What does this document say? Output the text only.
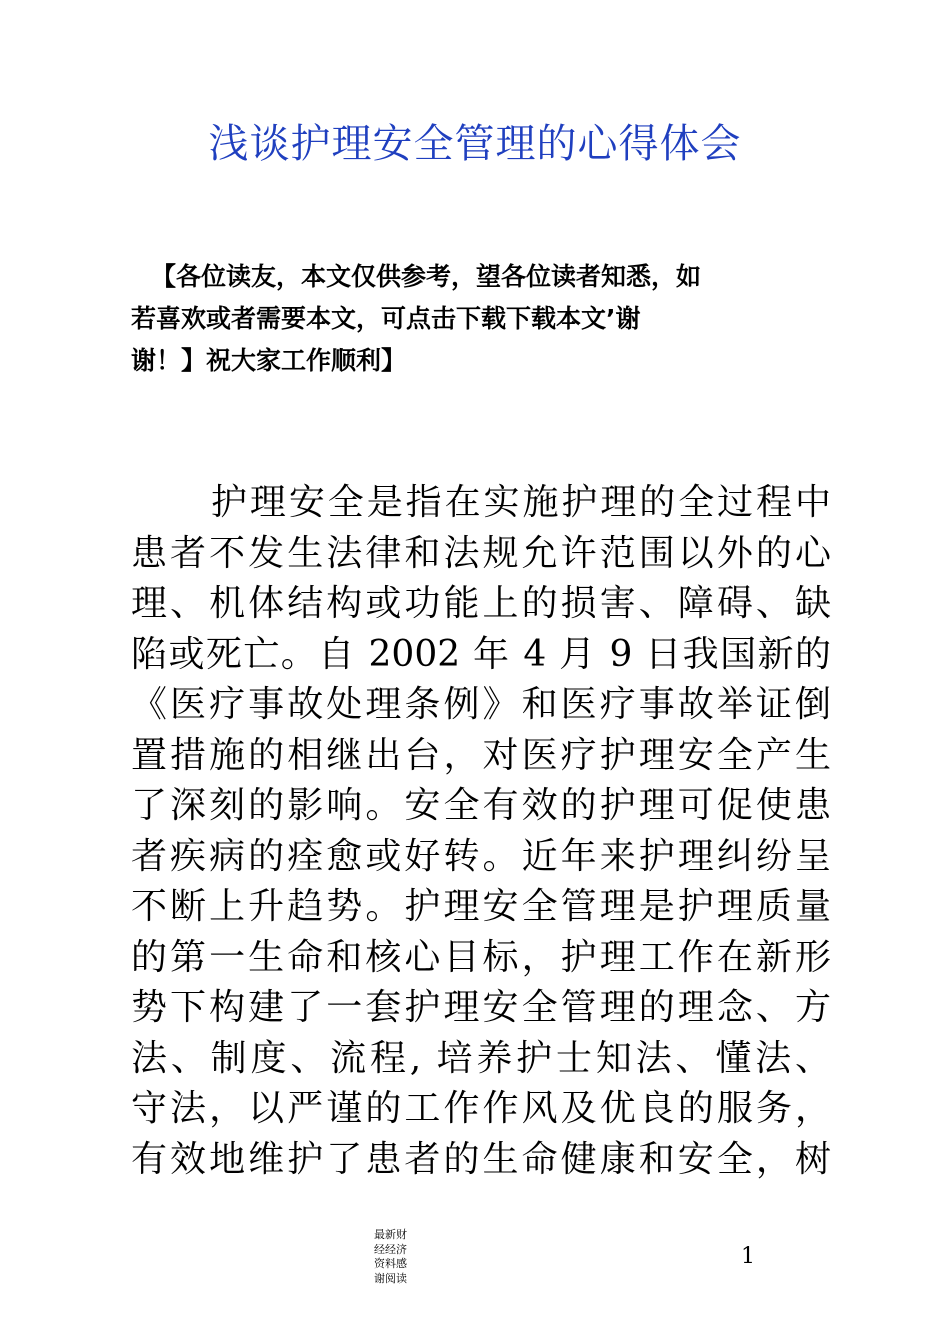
浅谈护理安全管理的心得体会
【各位读友，本文仅供参考，望各位读者知悉，如
若喜欢或者需要本文，可点击下载下载本文’谢
谢！】祝大家工作顺利】
护理安全是指在实施护理的全过程中
患者不发生法律和法规允许范围以外的心
理、机体结构或功能上的损害、障碍、缺
陷或死亡。自 2002 年 4 月 9 日我国新的
《医疗事故处理条例》和医疗事故举证倒
置措施的相继出台，对医疗护理安全产生
了深刻的影响。安全有效的护理可促使患
者疾病的痊愈或好转。近年来护理纠纷呈
不断上升趋势。护理安全管理是护理质量
的第一生命和核心目标，护理工作在新形
势下构建了一套护理安全管理的理念、方
法、制度、流程, 培养护士知法、懂法、
守法，以严谨的工作作风及优良的服务，
有效地维护了患者的生命健康和安全，树
最新财
经经济
资料感
谢阅读
1
